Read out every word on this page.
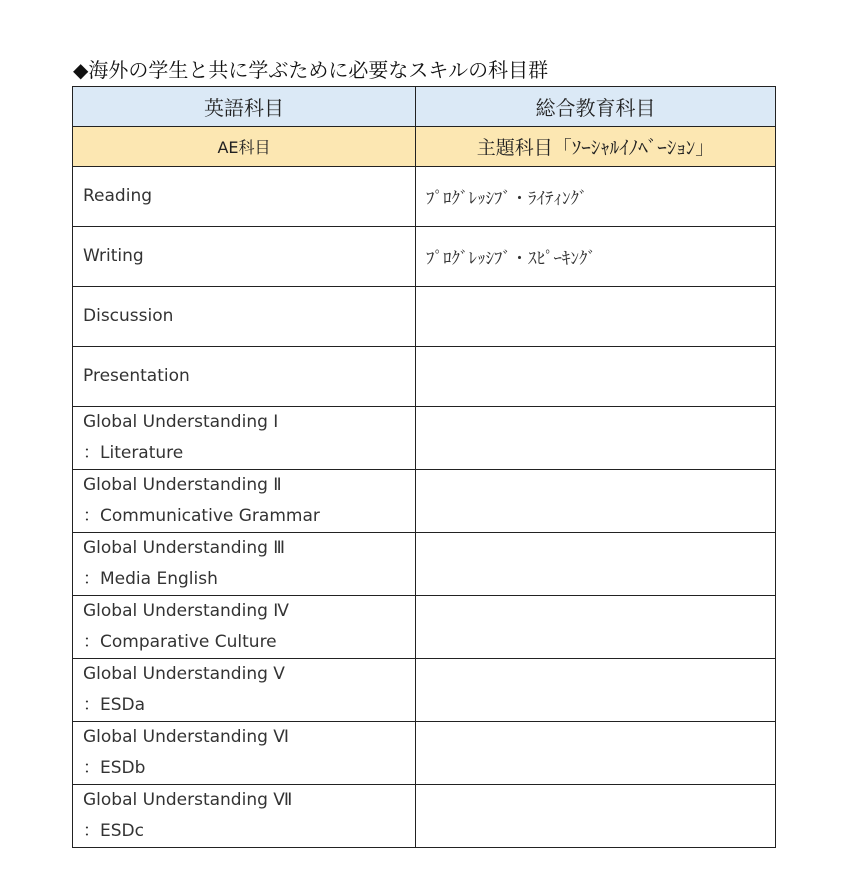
◆海外の学生と共に学ぶために必要なスキルの科目群
英語科目	総合教育科目
AE科目	主題科目「ｿｰｼｬﾙｲﾉﾍﾞｰｼｮﾝ」

Reading	ﾌﾟﾛｸﾞﾚｯｼﾌﾞ・ﾗｲﾃｨﾝｸﾞ

Writing	ﾌﾟﾛｸﾞﾚｯｼﾌﾞ・ｽﾋﾟｰｷﾝｸﾞ

Discussion	

Presentation	

Global Understanding Ⅰ
：Literature	

Global Understanding Ⅱ
：Communicative Grammar	

Global Understanding Ⅲ
：Media English	

Global Understanding Ⅳ
：Comparative Culture	

Global Understanding Ⅴ
：ESDa	

Global Understanding Ⅵ
：ESDb	

Global Understanding Ⅶ
：ESDc	
